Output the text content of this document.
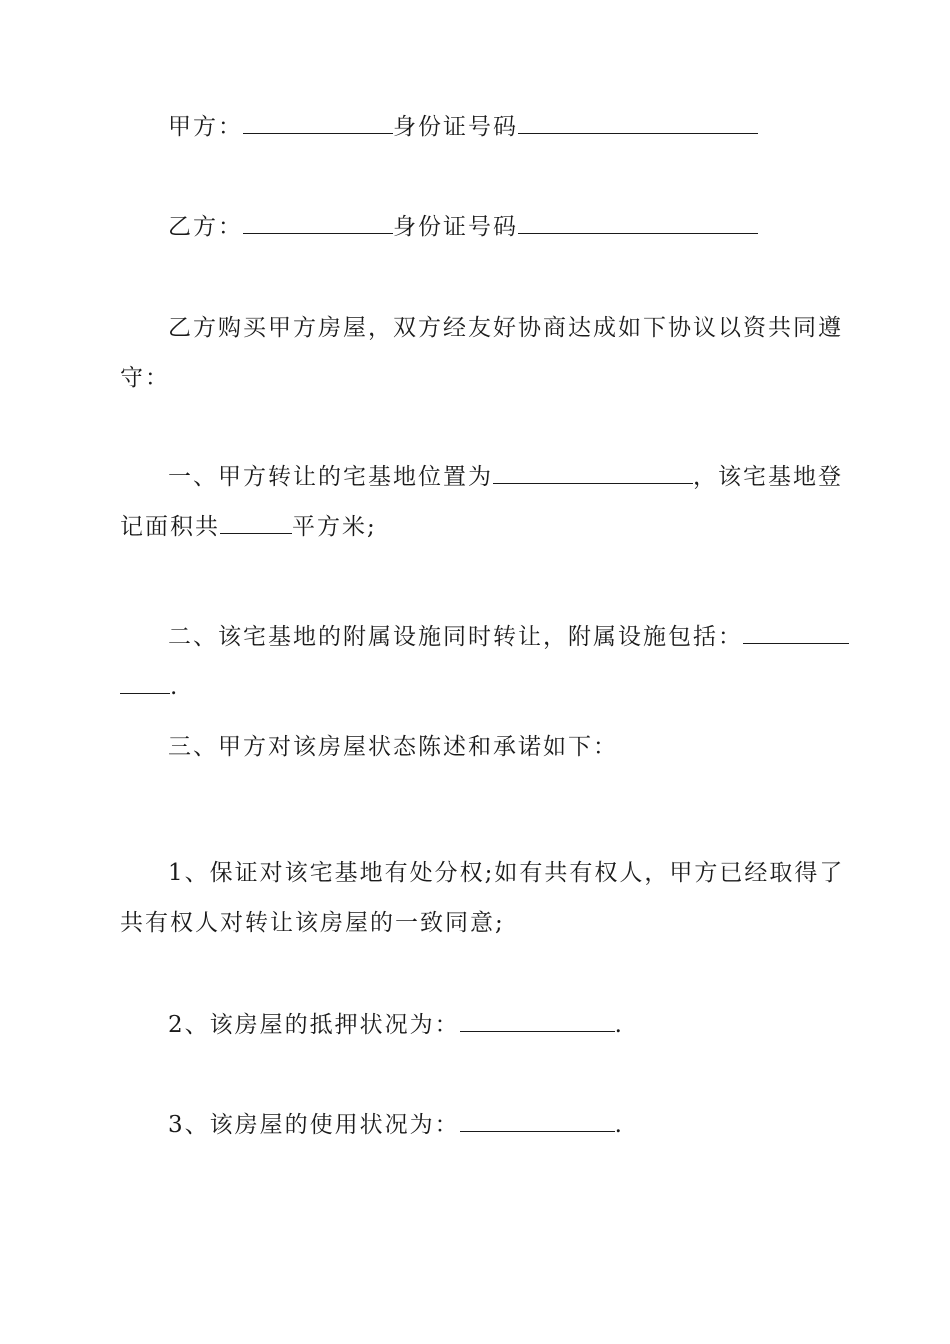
甲方：	身份证号码
乙方：	身份证号码
乙方购买甲方房屋，双方经友好协商达成如下协议以资共同遵
守：
一、甲方转让的宅基地位置为	，该宅基地登
记面积共	平方米;
二、该宅基地的附属设施同时转让，附属设施包括：
.
三、甲方对该房屋状态陈述和承诺如下：
1、保证对该宅基地有处分权;如有共有权人，甲方已经取得了
共有权人对转让该房屋的一致同意;
2、该房屋的抵押状况为：	.
3、该房屋的使用状况为：	.
